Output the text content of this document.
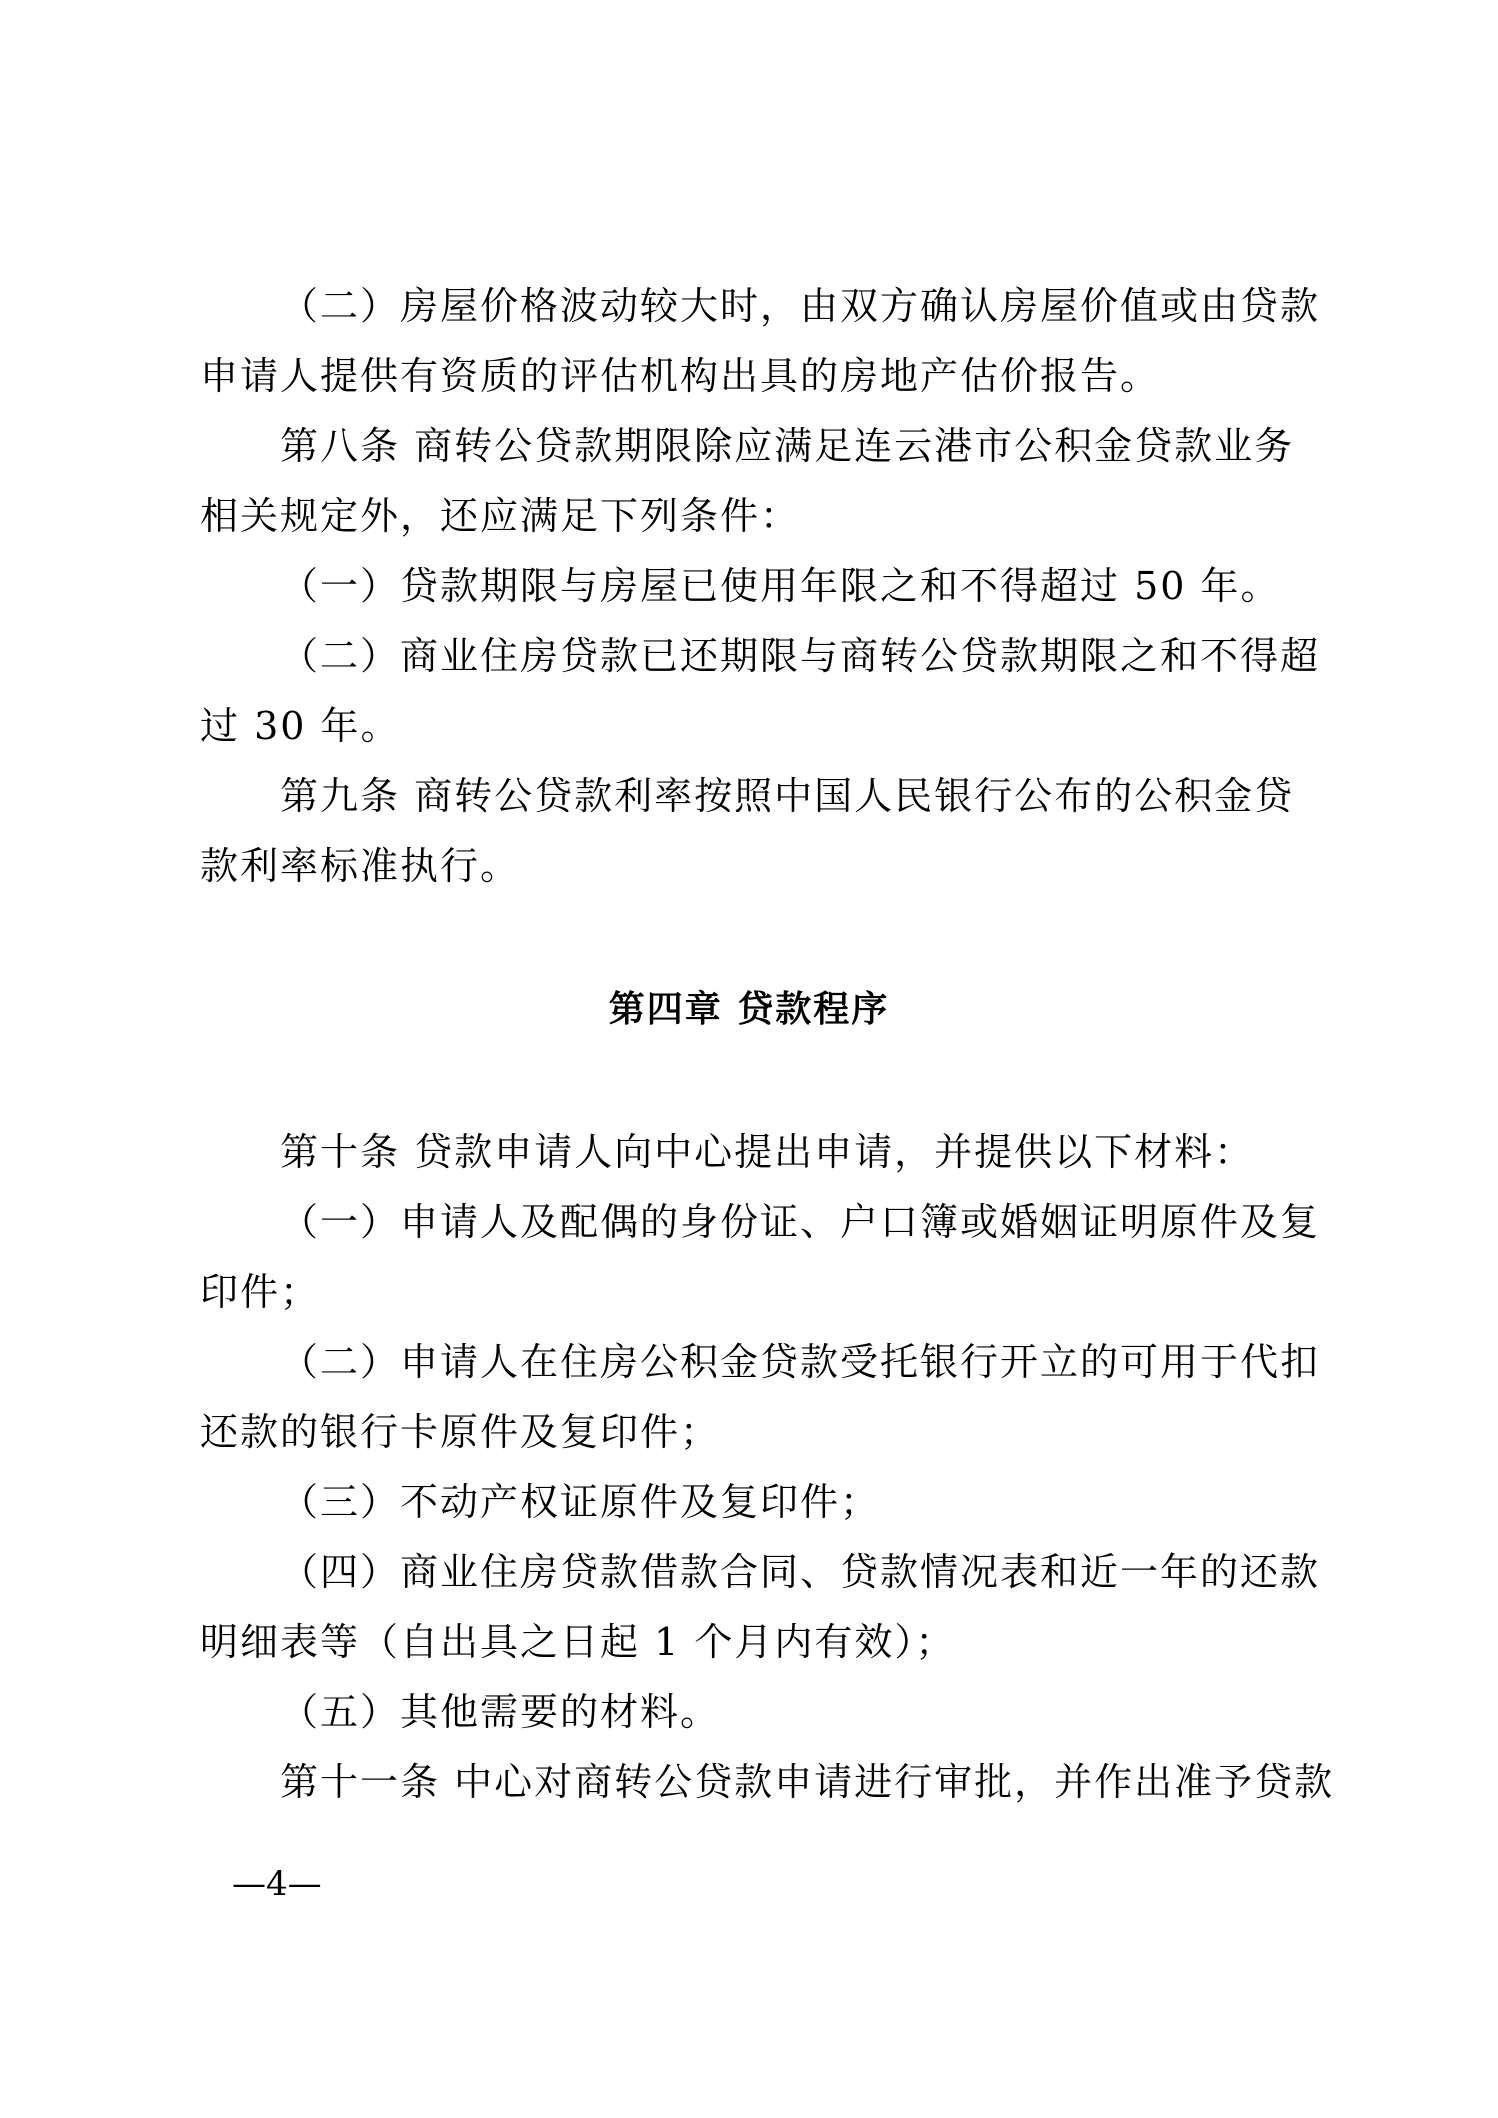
（二）房屋价格波动较大时，由双方确认房屋价值或由贷款
申请人提供有资质的评估机构出具的房地产估价报告。
第八条 商转公贷款期限除应满足连云港市公积金贷款业务
相关规定外，还应满足下列条件：
（一）贷款期限与房屋已使用年限之和不得超过 50 年。
（二）商业住房贷款已还期限与商转公贷款期限之和不得超
过 30 年。
第九条 商转公贷款利率按照中国人民银行公布的公积金贷
款利率标准执行。
第四章 贷款程序
第十条 贷款申请人向中心提出申请，并提供以下材料：
（一）申请人及配偶的身份证、户口簿或婚姻证明原件及复
印件；
（二）申请人在住房公积金贷款受托银行开立的可用于代扣
还款的银行卡原件及复印件；
（三）不动产权证原件及复印件；
（四）商业住房贷款借款合同、贷款情况表和近一年的还款
明细表等（自出具之日起 1 个月内有效）；
（五）其他需要的材料。
第十一条 中心对商转公贷款申请进行审批，并作出准予贷款
—4—
